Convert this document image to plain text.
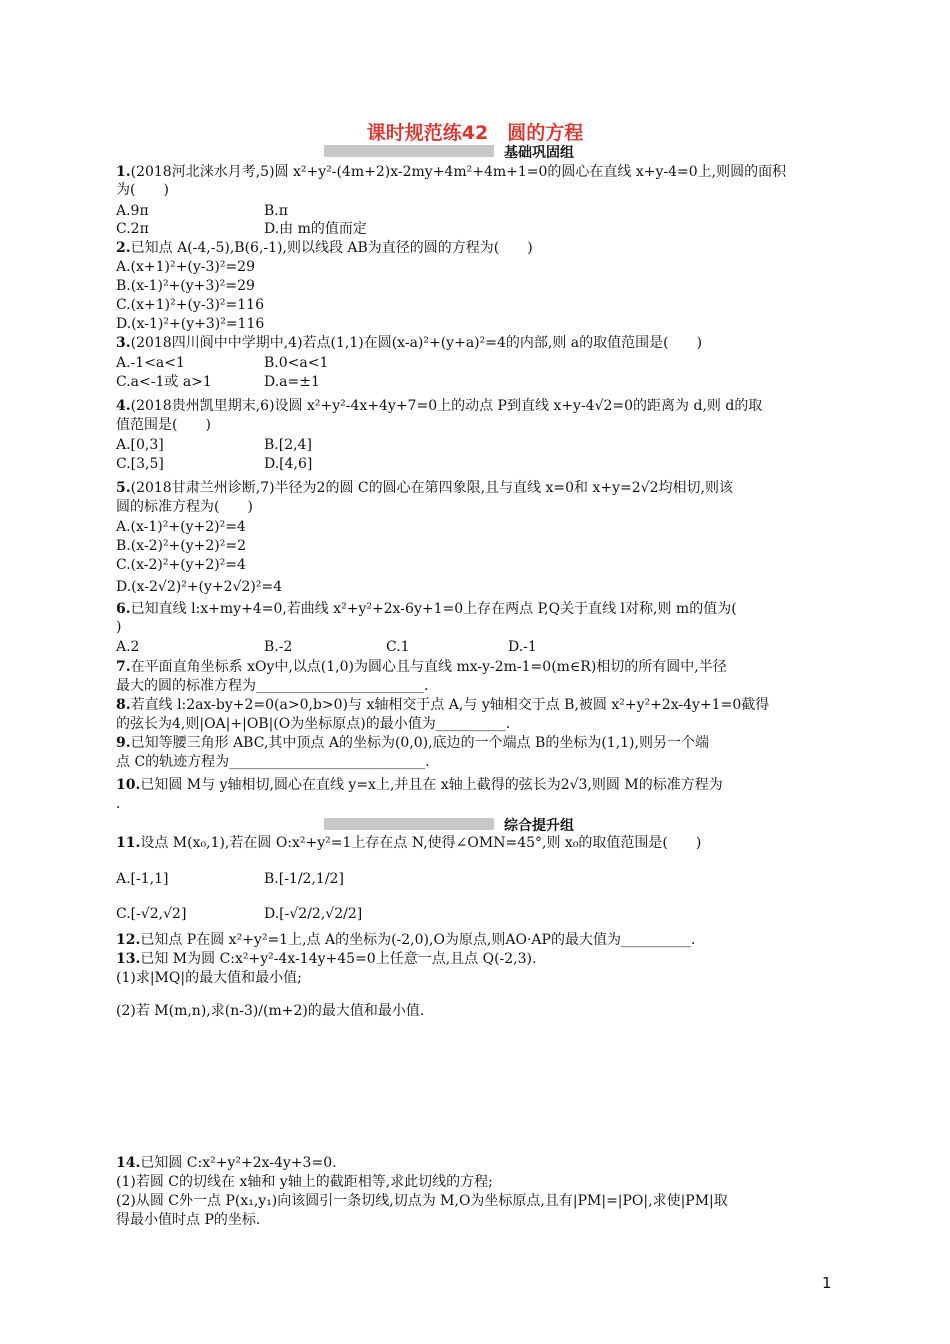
课时规范练42　圆的方程
基础巩固组
1.(2018河北涞水月考,5)圆 x²+y²-(4m+2)x-2my+4m²+4m+1=0的圆心在直线 x+y-4=0上,则圆的面积
为(　　)
A.9π	B.π
C.2π	D.由 m的值而定
2.已知点 A(-4,-5),B(6,-1),则以线段 AB为直径的圆的方程为(　　)
A.(x+1)²+(y-3)²=29
B.(x-1)²+(y+3)²=29
C.(x+1)²+(y-3)²=116
D.(x-1)²+(y+3)²=116
3.(2018四川阆中中学期中,4)若点(1,1)在圆(x-a)²+(y+a)²=4的内部,则 a的取值范围是(　　)
A.-1<a<1	B.0<a<1
C.a<-1或 a>1	D.a=±1
4.(2018贵州凯里期末,6)设圆 x²+y²-4x+4y+7=0上的动点 P到直线 x+y-4√2=0的距离为 d,则 d的取
值范围是(　　)
A.[0,3]	B.[2,4]
C.[3,5]	D.[4,6]
5.(2018甘肃兰州诊断,7)半径为2的圆 C的圆心在第四象限,且与直线 x=0和 x+y=2√2均相切,则该
圆的标准方程为(　　)
A.(x-1)²+(y+2)²=4
B.(x-2)²+(y+2)²=2
C.(x-2)²+(y+2)²=4
D.(x-2√2)²+(y+2√2)²=4
6.已知直线 l:x+my+4=0,若曲线 x²+y²+2x-6y+1=0上存在两点 P,Q关于直线 l对称,则 m的值为(
)
A.2	B.-2	C.1	D.-1
7.在平面直角坐标系 xOy中,以点(1,0)为圆心且与直线 mx-y-2m-1=0(m∈R)相切的所有圆中,半径
最大的圆的标准方程为________________________.
8.若直线 l:2ax-by+2=0(a>0,b>0)与 x轴相交于点 A,与 y轴相交于点 B,被圆 x²+y²+2x-4y+1=0截得
的弦长为4,则|OA|+|OB|(O为坐标原点)的最小值为__________.
9.已知等腰三角形 ABC,其中顶点 A的坐标为(0,0),底边的一个端点 B的坐标为(1,1),则另一个端
点 C的轨迹方程为____________________________.
10.已知圆 M与 y轴相切,圆心在直线 y=x上,并且在 x轴上截得的弦长为2√3,则圆 M的标准方程为
.
综合提升组
11.设点 M(x₀,1),若在圆 O:x²+y²=1上存在点 N,使得∠OMN=45°,则 x₀的取值范围是(　　)
A.[-1,1]	B.[-1/2,1/2]
C.[-√2,√2]	D.[-√2/2,√2/2]
12.已知点 P在圆 x²+y²=1上,点 A的坐标为(-2,0),O为原点,则AO·AP的最大值为__________.
13.已知 M为圆 C:x²+y²-4x-14y+45=0上任意一点,且点 Q(-2,3).
(1)求|MQ|的最大值和最小值;
(2)若 M(m,n),求(n-3)/(m+2)的最大值和最小值.
14.已知圆 C:x²+y²+2x-4y+3=0.
(1)若圆 C的切线在 x轴和 y轴上的截距相等,求此切线的方程;
(2)从圆 C外一点 P(x₁,y₁)向该圆引一条切线,切点为 M,O为坐标原点,且有|PM|=|PO|,求使|PM|取
得最小值时点 P的坐标.
1
